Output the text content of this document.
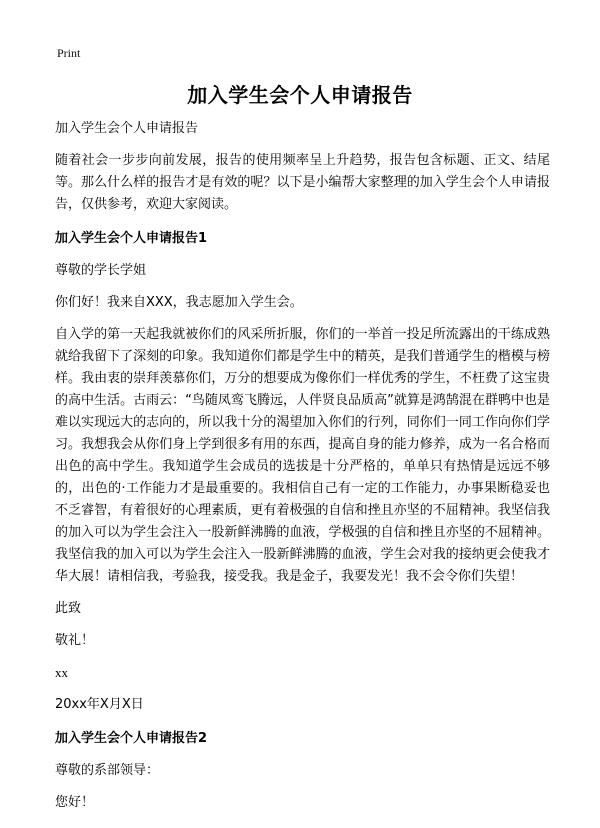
Print
加入学生会个人申请报告

加入学生会个人申请报告

随着社会一步步向前发展，报告的使用频率呈上升趋势，报告包含标题、正文、结尾等。那么什么样的报告才是有效的呢？以下是小编帮大家整理的加入学生会个人申请报告，仅供参考，欢迎大家阅读。

加入学生会个人申请报告1

尊敬的学长学姐

你们好！我来自XXX，我志愿加入学生会。

自入学的第一天起我就被你们的风采所折服，你们的一举首一投足所流露出的干练成熟就给我留下了深刻的印象。我知道你们都是学生中的精英，是我们普通学生的楷模与榜样。我由衷的崇拜羡慕你们，万分的想要成为像你们一样优秀的学生，不枉费了这宝贵的高中生活。古雨云：“鸟随凤鸾飞腾远，人伴贤良品质高”就算是鸿鹄混在群鸭中也是难以实现远大的志向的，所以我十分的渴望加入你们的行列，同你们一同工作向你们学习。我想我会从你们身上学到很多有用的东西，提高自身的能力修养，成为一名合格而出色的高中学生。我知道学生会成员的选拔是十分严格的，单单只有热情是远远不够的，出色的·工作能力才是最重要的。我相信自己有一定的工作能力，办事果断稳妥也不乏睿智，有着很好的心理素质，更有着极强的自信和挫且亦坚的不屈精神。我坚信我的加入可以为学生会注入一股新鲜沸腾的血液，学极强的自信和挫且亦坚的不屈精神。我坚信我的加入可以为学生会注入一股新鲜沸腾的血液，学生会对我的接纳更会使我才华大展！请相信我，考验我，接受我。我是金子，我要发光！我不会令你们失望！

此致

敬礼！

xx

20xx年X月X日

加入学生会个人申请报告2

尊敬的系部领导：

您好！
